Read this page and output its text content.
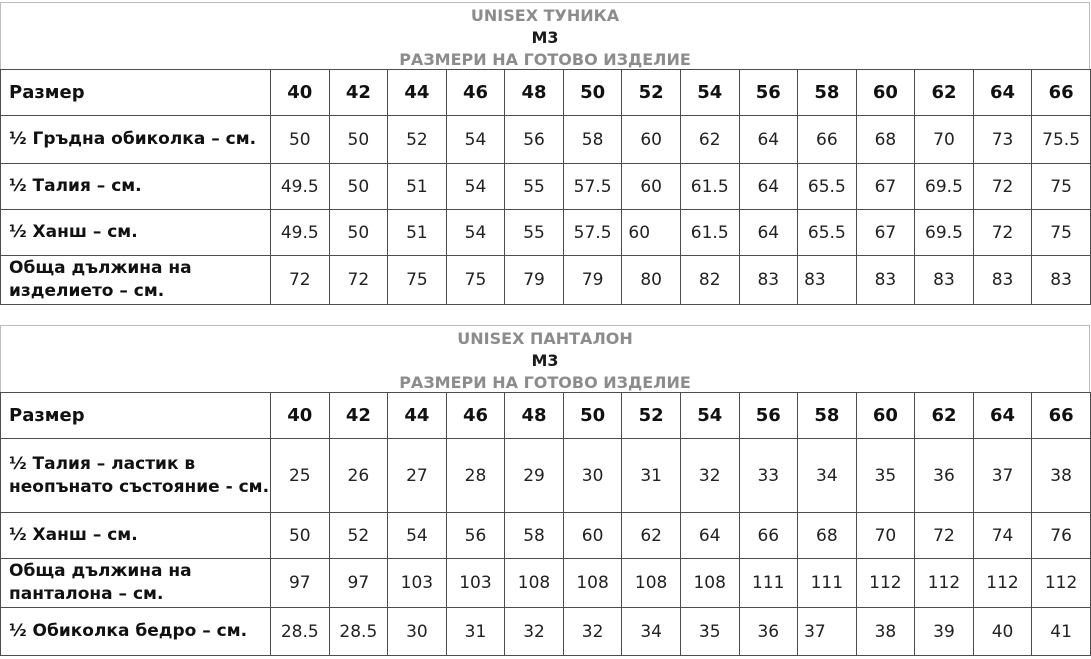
UNISEX ТУНИКА
М3
РАЗМЕРИ НА ГОТОВО ИЗДЕЛИЕ
Размер	40	42	44	46	48	50	52	54	56	58	60	62	64	66
½ Гръдна обиколка – см.	50	50	52	54	56	58	60	62	64	66	68	70	73	75.5
½ Талия – см.	49.5	50	51	54	55	57.5	60	61.5	64	65.5	67	69.5	72	75
½ Ханш – см.	49.5	50	51	54	55	57.5	60	61.5	64	65.5	67	69.5	72	75
Обща дължина на изделието – см.	72	72	75	75	79	79	80	82	83	83	83	83	83	83
UNISEX ПАНТАЛОН
М3
РАЗМЕРИ НА ГОТОВО ИЗДЕЛИЕ
Размер	40	42	44	46	48	50	52	54	56	58	60	62	64	66
½ Талия – ластик в неопънато състояние - см.	25	26	27	28	29	30	31	32	33	34	35	36	37	38
½ Ханш – см.	50	52	54	56	58	60	62	64	66	68	70	72	74	76
Обща дължина на панталона – см.	97	97	103	103	108	108	108	108	111	111	112	112	112	112
½ Обиколка бедро – см.	28.5	28.5	30	31	32	32	34	35	36	37	38	39	40	41
